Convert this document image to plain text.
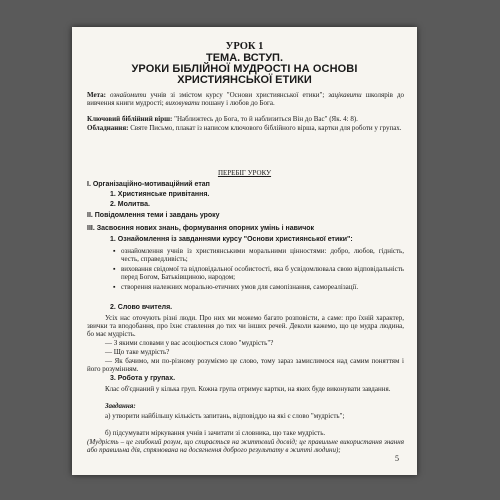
УРОК 1
ТЕМА. ВСТУП.
УРОКИ БІБЛІЙНОЇ МУДРОСТІ НА ОСНОВІ
ХРИСТИЯНСЬКОЇ ЕТИКИ
Мета: ознайомити учнів зі змістом курсу "Основи християнської етики"; зацікавити школярів до вивчення книги мудрості; виховувати пошану і любов до Бога.
Ключовий біблійний вірш: "Наближтесь до Бога, то й наблизиться Він до Вас" (Як. 4: 8).
Обладнання: Святе Письмо, плакат із написом ключового біблійного вірша, картки для роботи у групах.
ПЕРЕБІГ УРОКУ
I. Організаційно-мотиваційний етап
1. Християнське привітання.
2. Молитва.
II. Повідомлення теми і завдань уроку
III. Засвоєння нових знань, формування опорних умінь і навичок
1. Ознайомлення із завданнями курсу "Основи християнської етики":
▪ ознайомлення учнів із християнськими моральними цінностями: добро, любов, гідність, честь, справедливість;
▪ виховання свідомої та відповідальної особистості, яка б усвідомлювала свою відповідальність перед Богом, Батьківщиною, народом;
▪ створення належних морально-етичних умов для самопізнання, самореалізації.
2. Слово вчителя.
Усіх нас оточують різні люди. Про них ми можемо багато розповісти, а саме: про їхній характер, звички та вподобання, про їхнє ставлення до тих чи інших речей. Деколи кажемо, що це мудра людина, бо має мудрість.
— З якими словами у вас асоціюється слово "мудрість"?
— Що таке мудрість?
— Як бачимо, ми по-різному розуміємо це слово, тому зараз замислимося над самим поняттям і його розумінням.
3. Робота у групах.
Клас об'єднаний у кілька груп. Кожна група отримує картки, на яких буде виконувати завдання.
Завдання:
а) утворити найбільшу кількість запитань, відповіддю на які є слово "мудрість";
б) підсумувати міркування учнів і зачитати зі словника, що таке мудрість.
(Мудрість – це глибокий розум, що спирається на життєвий досвід; це правильне використання знання або правильна дія, спрямована на досягнення доброго результату в житті людини);
5
